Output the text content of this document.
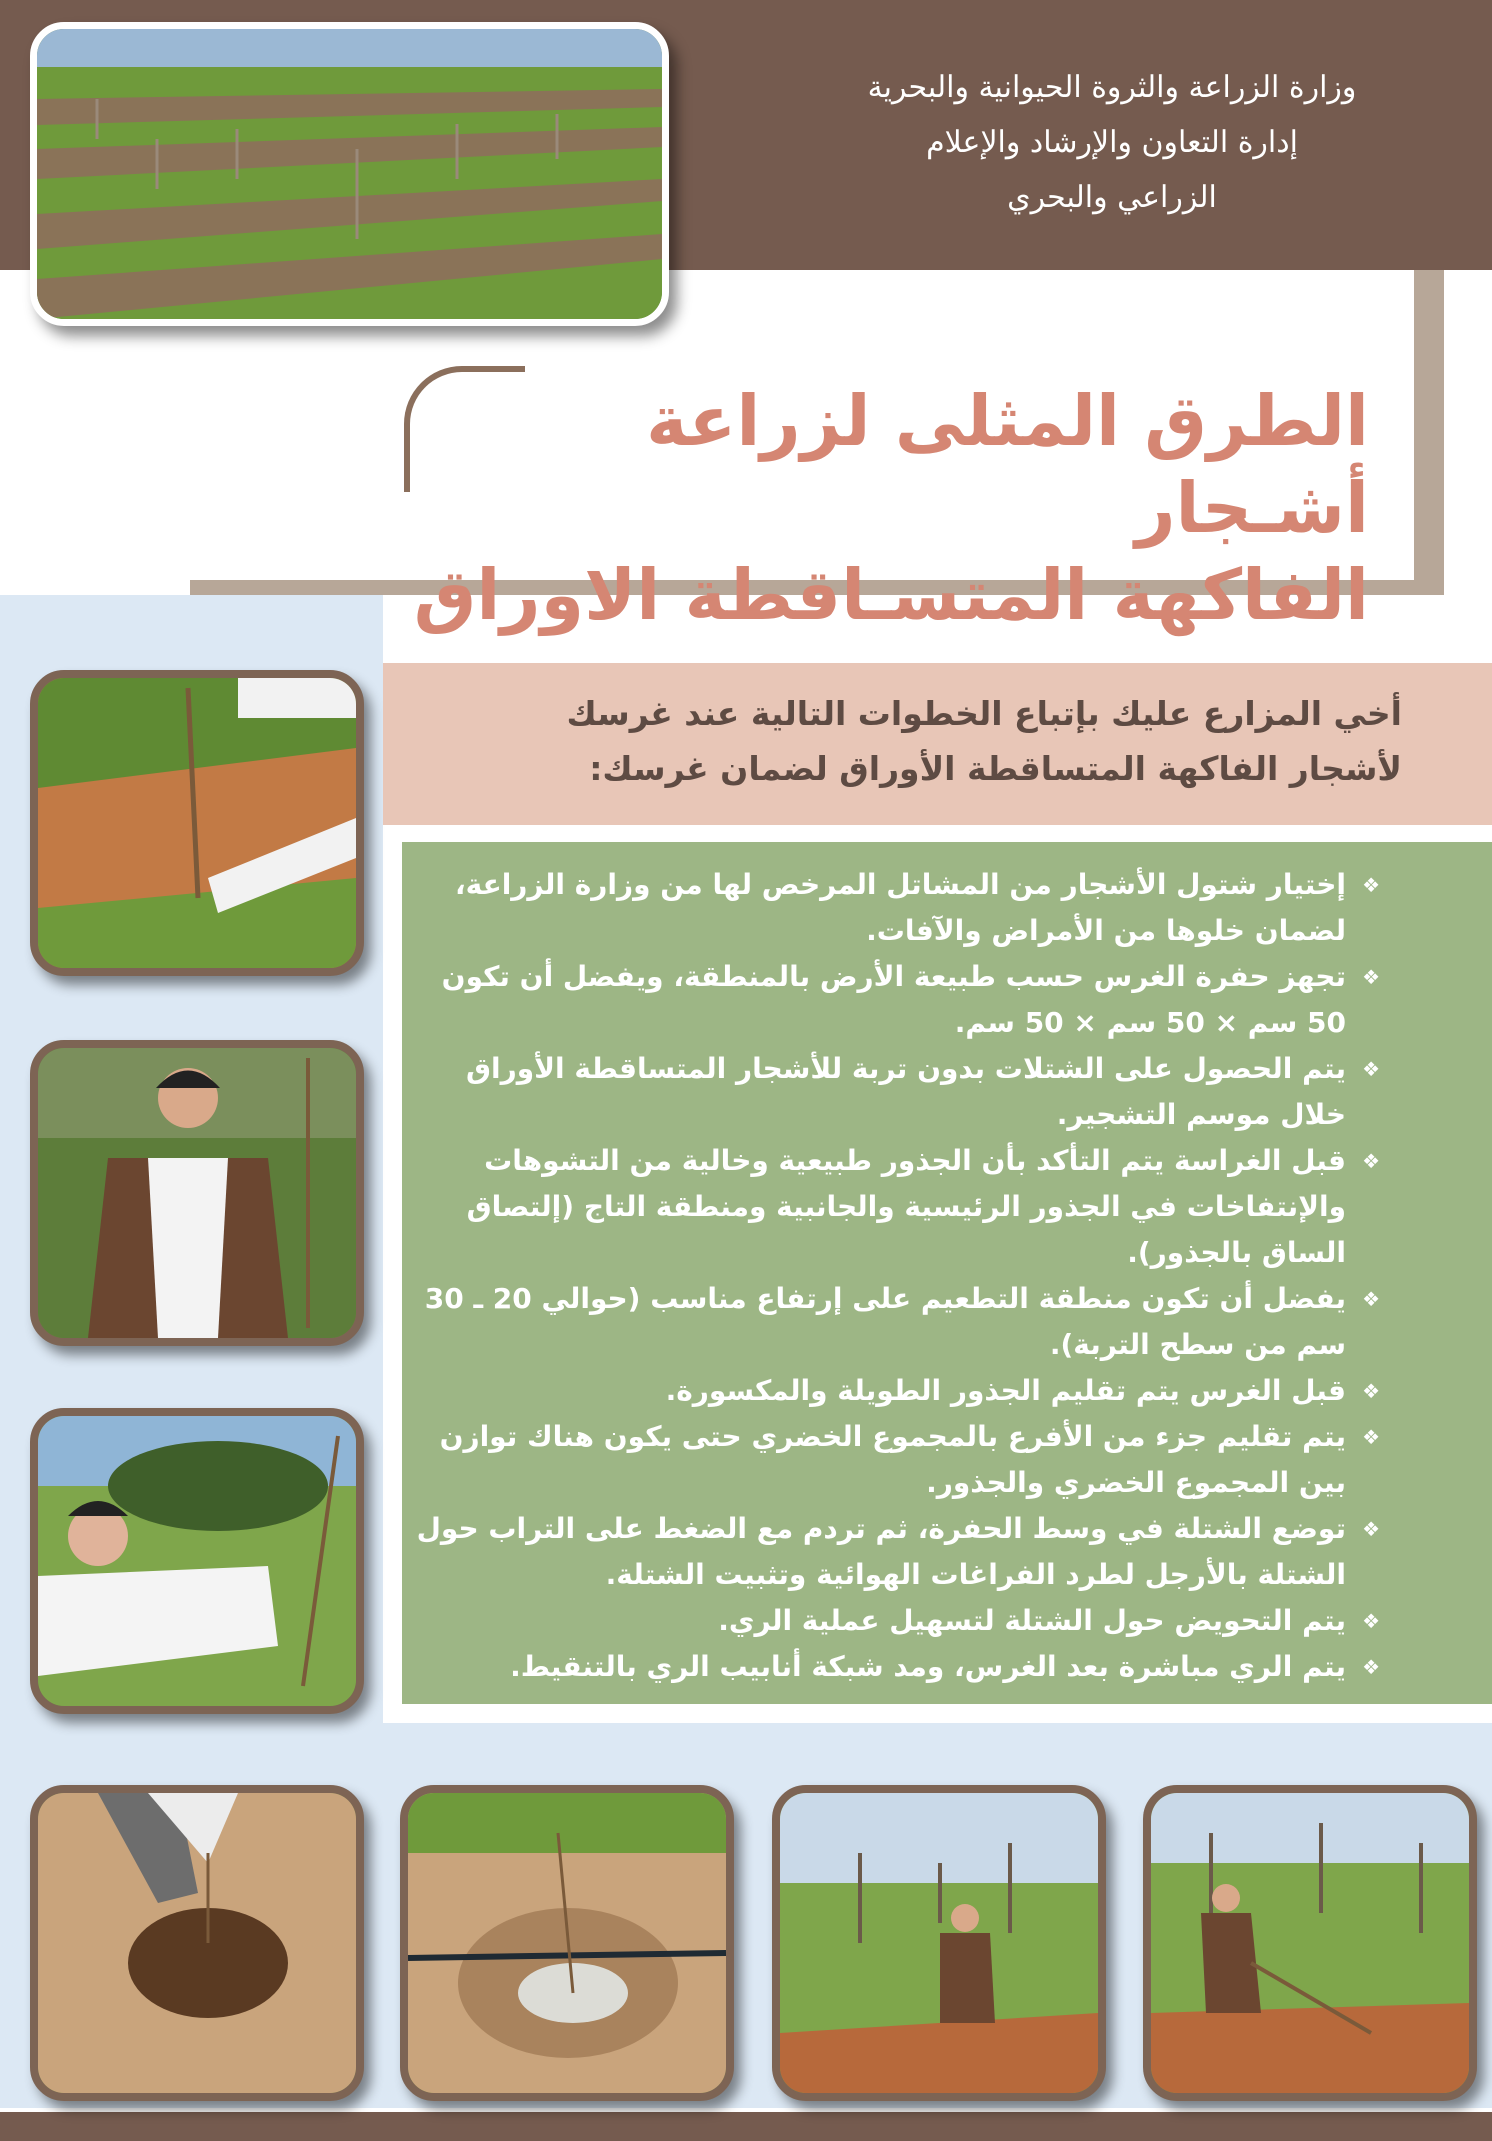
وزارة الزراعة والثروة الحيوانية والبحرية
إدارة التعاون والإرشاد والإعلام
الزراعي والبحري
الطرق المثلى لزراعة أشـجار
الفاكهة المتسـاقطة الاوراق
أخي المزارع عليك بإتباع الخطوات التالية عند غرسك
لأشجار الفاكهة المتساقطة الأوراق لضمان غرسك:
❖ إختيار شتول الأشجار من المشاتل المرخص لها من وزارة الزراعة، لضمان خلوها من الأمراض والآفات.
❖ تجهز حفرة الغرس حسب طبيعة الأرض بالمنطقة، ويفضل أن تكون 50 سم × 50 سم × 50 سم.
❖ يتم الحصول على الشتلات بدون تربة للأشجار المتساقطة الأوراق خلال موسم التشجير.
❖ قبل الغراسة يتم التأكد بأن الجذور طبيعية وخالية من التشوهات والإنتفاخات في الجذور الرئيسية والجانبية ومنطقة التاج (إلتصاق الساق بالجذور).
❖ يفضل أن تكون منطقة التطعيم على إرتفاع مناسب (حوالي 20 ـ 30 سم من سطح التربة).
❖ قبل الغرس يتم تقليم الجذور الطويلة والمكسورة.
❖ يتم تقليم جزء من الأفرع بالمجموع الخضري حتى يكون هناك توازن بين المجموع الخضري والجذور.
❖ توضع الشتلة في وسط الحفرة، ثم تردم مع الضغط على التراب حول الشتلة بالأرجل لطرد الفراغات الهوائية وتثبيت الشتلة.
❖ يتم التحويض حول الشتلة لتسهيل عملية الري.
❖ يتم الري مباشرة بعد الغرس، ومد شبكة أنابيب الري بالتنقيط.
